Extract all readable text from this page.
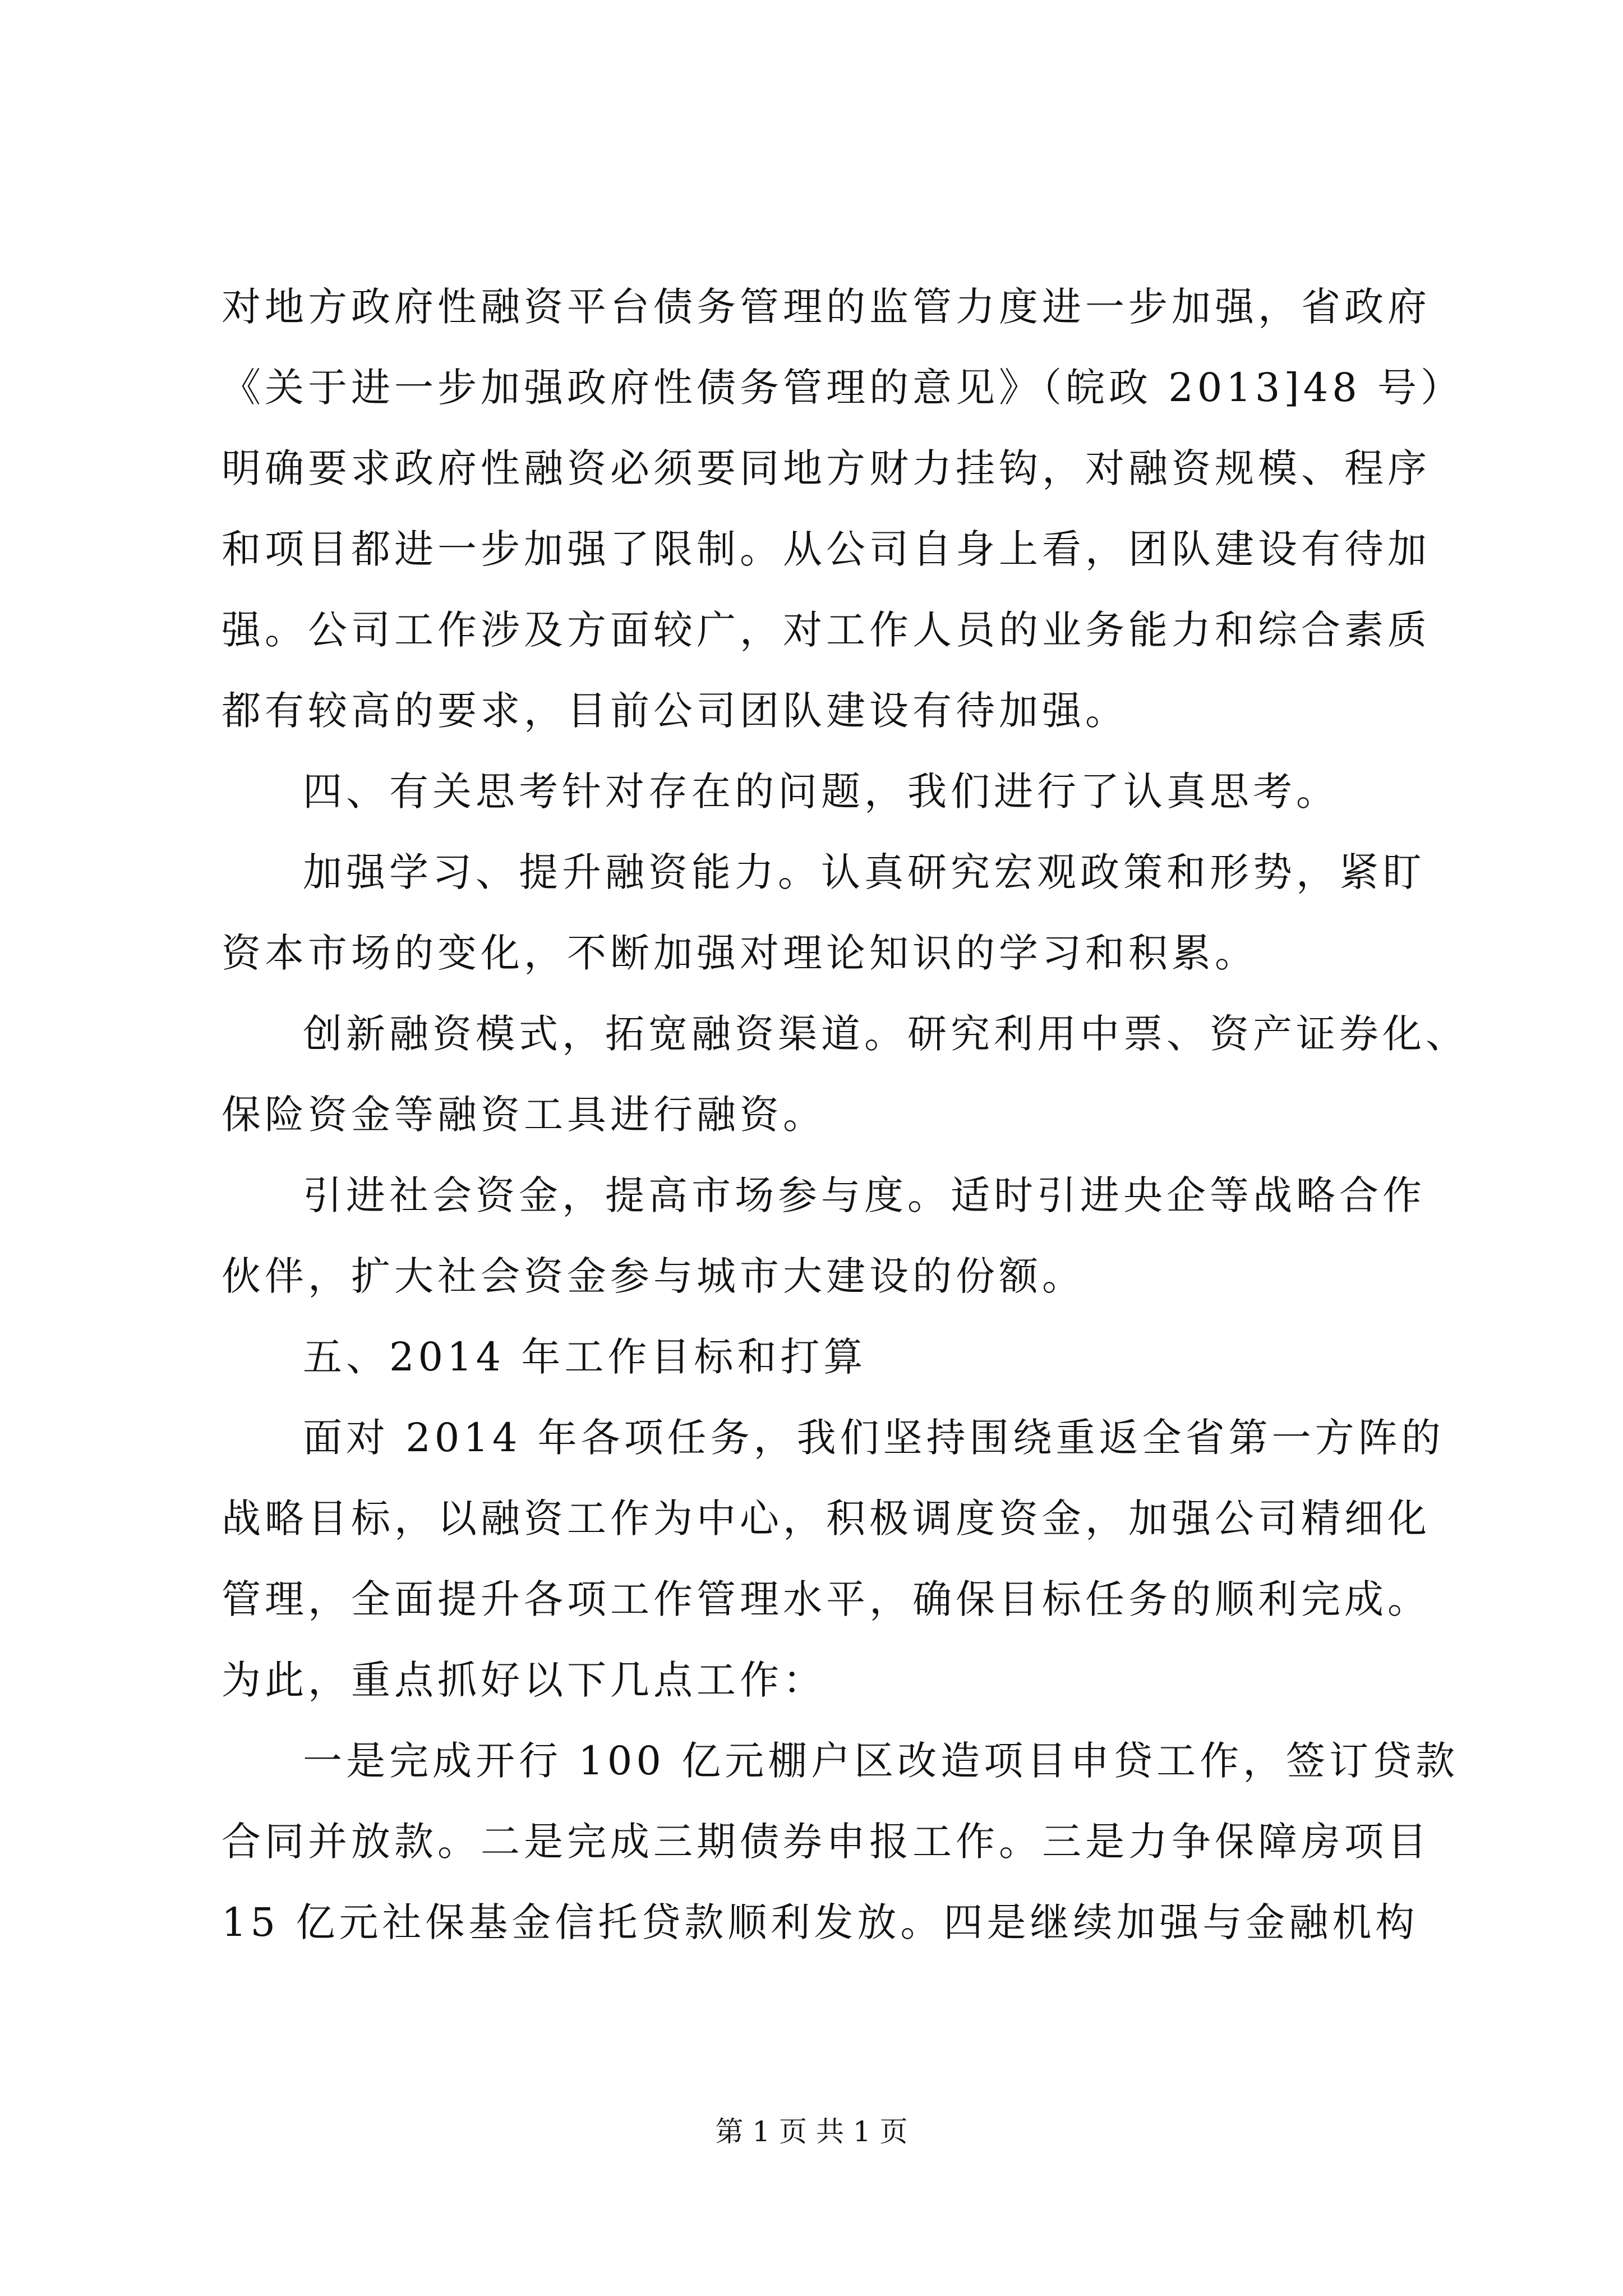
对地方政府性融资平台债务管理的监管力度进一步加强，省政府
《关于进一步加强政府性债务管理的意见》（皖政 2013]48 号）
明确要求政府性融资必须要同地方财力挂钩，对融资规模、程序
和项目都进一步加强了限制。从公司自身上看，团队建设有待加
强。公司工作涉及方面较广，对工作人员的业务能力和综合素质
都有较高的要求，目前公司团队建设有待加强。
四、有关思考针对存在的问题，我们进行了认真思考。
加强学习、提升融资能力。认真研究宏观政策和形势，紧盯
资本市场的变化，不断加强对理论知识的学习和积累。
创新融资模式，拓宽融资渠道。研究利用中票、资产证券化、
保险资金等融资工具进行融资。
引进社会资金，提高市场参与度。适时引进央企等战略合作
伙伴，扩大社会资金参与城市大建设的份额。
五、2014 年工作目标和打算
面对 2014 年各项任务，我们坚持围绕重返全省第一方阵的
战略目标，以融资工作为中心，积极调度资金，加强公司精细化
管理，全面提升各项工作管理水平，确保目标任务的顺利完成。
为此，重点抓好以下几点工作：
一是完成开行 100 亿元棚户区改造项目申贷工作，签订贷款
合同并放款。二是完成三期债券申报工作。三是力争保障房项目
15 亿元社保基金信托贷款顺利发放。四是继续加强与金融机构
第 1 页 共 1 页
